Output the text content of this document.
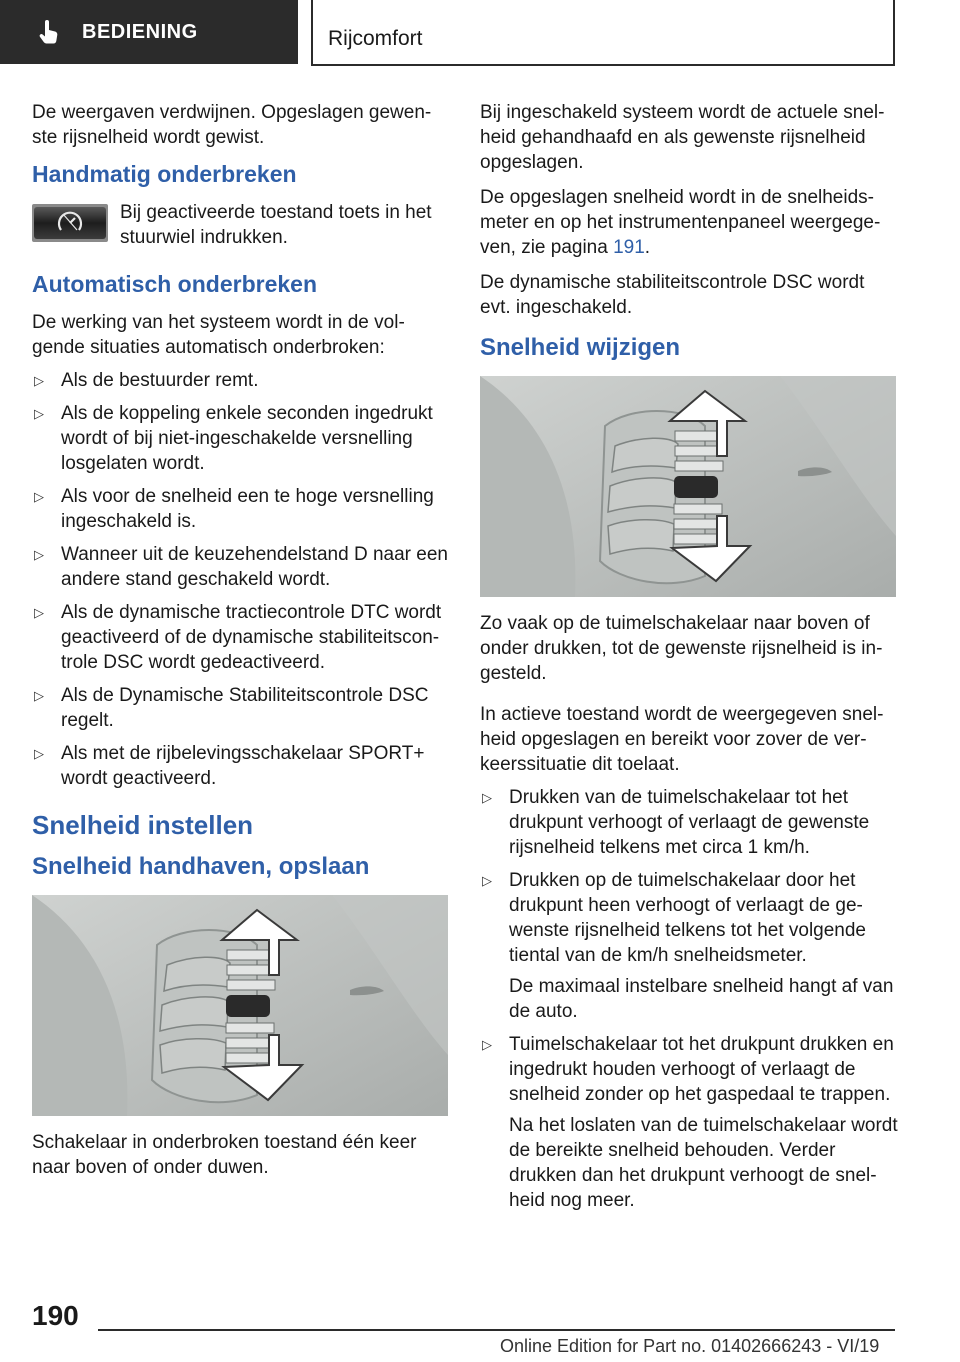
BEDIENING	Rijcomfort

De weergaven verdwijnen. Opgeslagen gewenste rijsnelheid wordt gewist.

Handmatig onderbreken
Bij geactiveerde toestand toets in het stuurwiel indrukken.
Automatisch onderbreken

De werking van het systeem wordt in de volgende situaties automatisch onderbroken:

▷ Als de bestuurder remt.
▷ Als de koppeling enkele seconden ingedrukt wordt of bij niet-ingeschakelde versnelling losgelaten wordt.
▷ Als voor de snelheid een te hoge versnelling ingeschakeld is.
▷ Wanneer uit de keuzehendelstand D naar een andere stand geschakeld wordt.
▷ Als de dynamische tractiecontrole DTC wordt geactiveerd of de dynamische stabiliteitscontrole DSC wordt gedeactiveerd.
▷ Als de Dynamische Stabiliteitscontrole DSC regelt.
▷ Als met de rijbelevingsschakelaar SPORT+ wordt geactiveerd.
Snelheid instellen
Snelheid handhaven, opslaan

Schakelaar in onderbroken toestand één keer naar boven of onder duwen.

Bij ingeschakeld systeem wordt de actuele snelheid gehandhaafd en als gewenste rijsnelheid opgeslagen.

De opgeslagen snelheid wordt in de snelheidsmeter en op het instrumentenpaneel weergegeven, zie pagina 191.

De dynamische stabiliteitscontrole DSC wordt evt. ingeschakeld.

Snelheid wijzigen

Zo vaak op de tuimelschakelaar naar boven of onder drukken, tot de gewenste rijsnelheid is ingesteld.

In actieve toestand wordt de weergegeven snelheid opgeslagen en bereikt voor zover de verkeerssituatie dit toelaat.

▷ Drukken van de tuimelschakelaar tot het drukpunt verhoogt of verlaagt de gewenste rijsnelheid telkens met circa 1 km/h.
▷ Drukken op de tuimelschakelaar door het drukpunt heen verhoogt of verlaagt de gewenste rijsnelheid telkens tot het volgende tiental van de km/h snelheidsmeter.
De maximaal instelbare snelheid hangt af van de auto.
▷ Tuimelschakelaar tot het drukpunt drukken en ingedrukt houden verhoogt of verlaagt de snelheid zonder op het gaspedaal te trappen.
Na het loslaten van de tuimelschakelaar wordt de bereikte snelheid behouden. Verder drukken dan het drukpunt verhoogt de snelheid nog meer.
190
Online Edition for Part no. 01402666243 - VI/19
